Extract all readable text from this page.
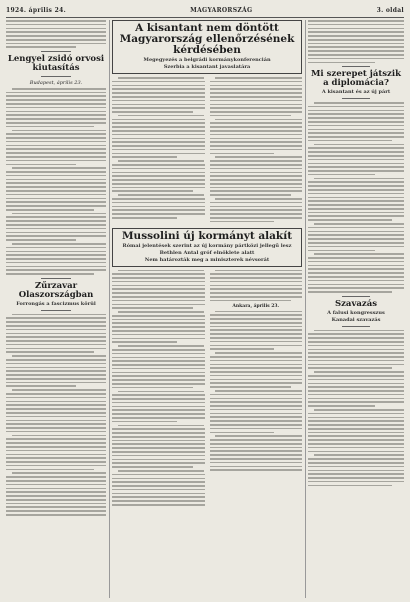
1924. április 24.	MAGYARORSZÁG	3. oldal

Lengyel zsidó orvosi kiutasítás

Budapest, április 23.

Zűrzavar Olaszországban

Forrongás a fascizmus körül

A kisantant nem döntött Magyarország ellenőrzésének kérdésében

Megegyezés a belgrádi kormánykonferencián

Szerbia a kisantant javaslatára

Mussolini új kormányt alakít

Római jelentések szerint az új kormány pártközi jellegű lesz

Bethlen Antal gróf elnöklete alatt

Nem határozták meg a miniszterek névsorát

Ankara, április 23.

Mi szerepet játszik a diplomácia?

A kisantant és az új párt

Szavazás

A falusi kongresszus

Kanadai szavazás
